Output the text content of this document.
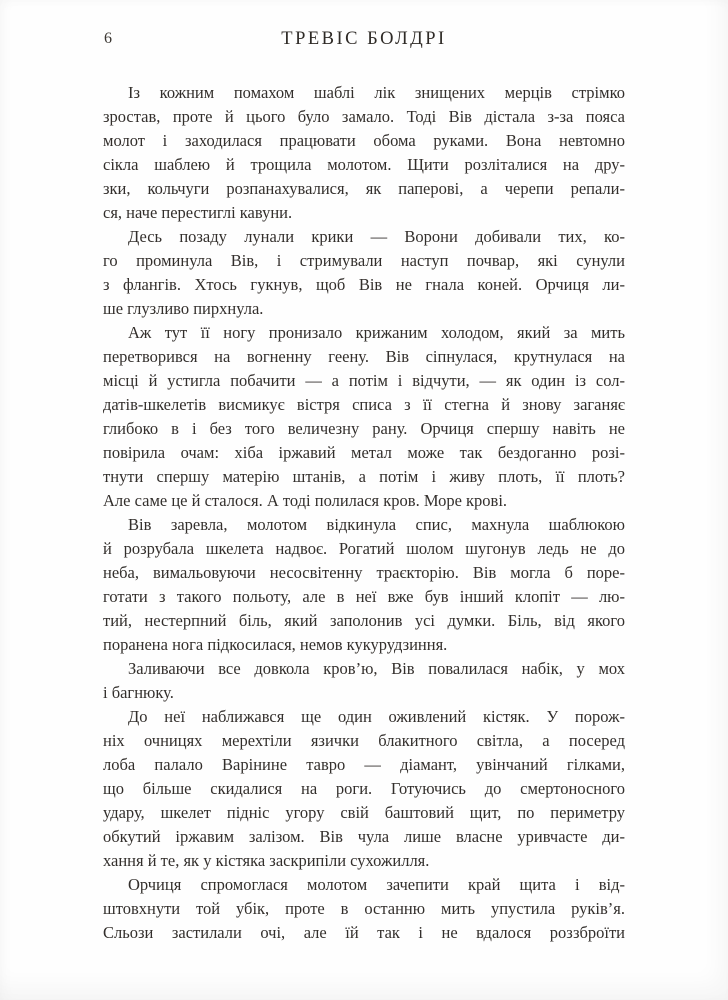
6	ТРЕВІС БОЛДРІ

Із кожним помахом шаблі лік знищених мерців стрімко
зростав, проте й цього було замало. Тоді Вів дістала з-за пояса
молот і заходилася працювати обома руками. Вона невтомно
сікла шаблею й трощила молотом. Щити розліталися на дру-
зки, кольчуги розпанахувалися, як паперові, а черепи репали-
ся, наче перестиглі кавуни.

Десь позаду лунали крики — Ворони добивали тих, ко-
го проминула Вів, і стримували наступ почвар, які сунули
з флангів. Хтось гукнув, щоб Вів не гнала коней. Орчиця ли-
ше глузливо пирхнула.

Аж тут її ногу пронизало крижаним холодом, який за мить
перетворився на вогненну геену. Вів сіпнулася, крутнулася на
місці й устигла побачити — а потім і відчути, — як один із сол-
датів-шкелетів висмикує вістря списа з її стегна й знову заганяє
глибоко в і без того величезну рану. Орчиця спершу навіть не
повірила очам: хіба іржавий метал може так бездоганно розі-
тнути спершу матерію штанів, а потім і живу плоть, її плоть?
Але саме це й сталося. А тоді полилася кров. Море крові.

Вів заревла, молотом відкинула спис, махнула шаблюкою
й розрубала шкелета надвоє. Рогатий шолом шугонув ледь не до
неба, вимальовуючи несосвітенну траєкторію. Вів могла б поре-
готати з такого польоту, але в неї вже був інший клопіт — лю-
тий, нестерпний біль, який заполонив усі думки. Біль, від якого
поранена нога підкосилася, немов кукурудзиння.

Заливаючи все довкола кров’ю, Вів повалилася набік, у мох
і багнюку.

До неї наближався ще один оживлений кістяк. У порож-
ніх очницях мерехтіли язички блакитного світла, а посеред
лоба палало Варінине тавро — діамант, увінчаний гілками,
що більше скидалися на роги. Готуючись до смертоносного
удару, шкелет підніс угору свій баштовий щит, по периметру
обкутий іржавим залізом. Вів чула лише власне уривчасте ди-
хання й те, як у кістяка заскрипіли сухожилля.

Орчиця спромоглася молотом зачепити край щита і від-
штовхнути той убік, проте в останню мить упустила руків’я.
Сльози застилали очі, але їй так і не вдалося роззброїти
